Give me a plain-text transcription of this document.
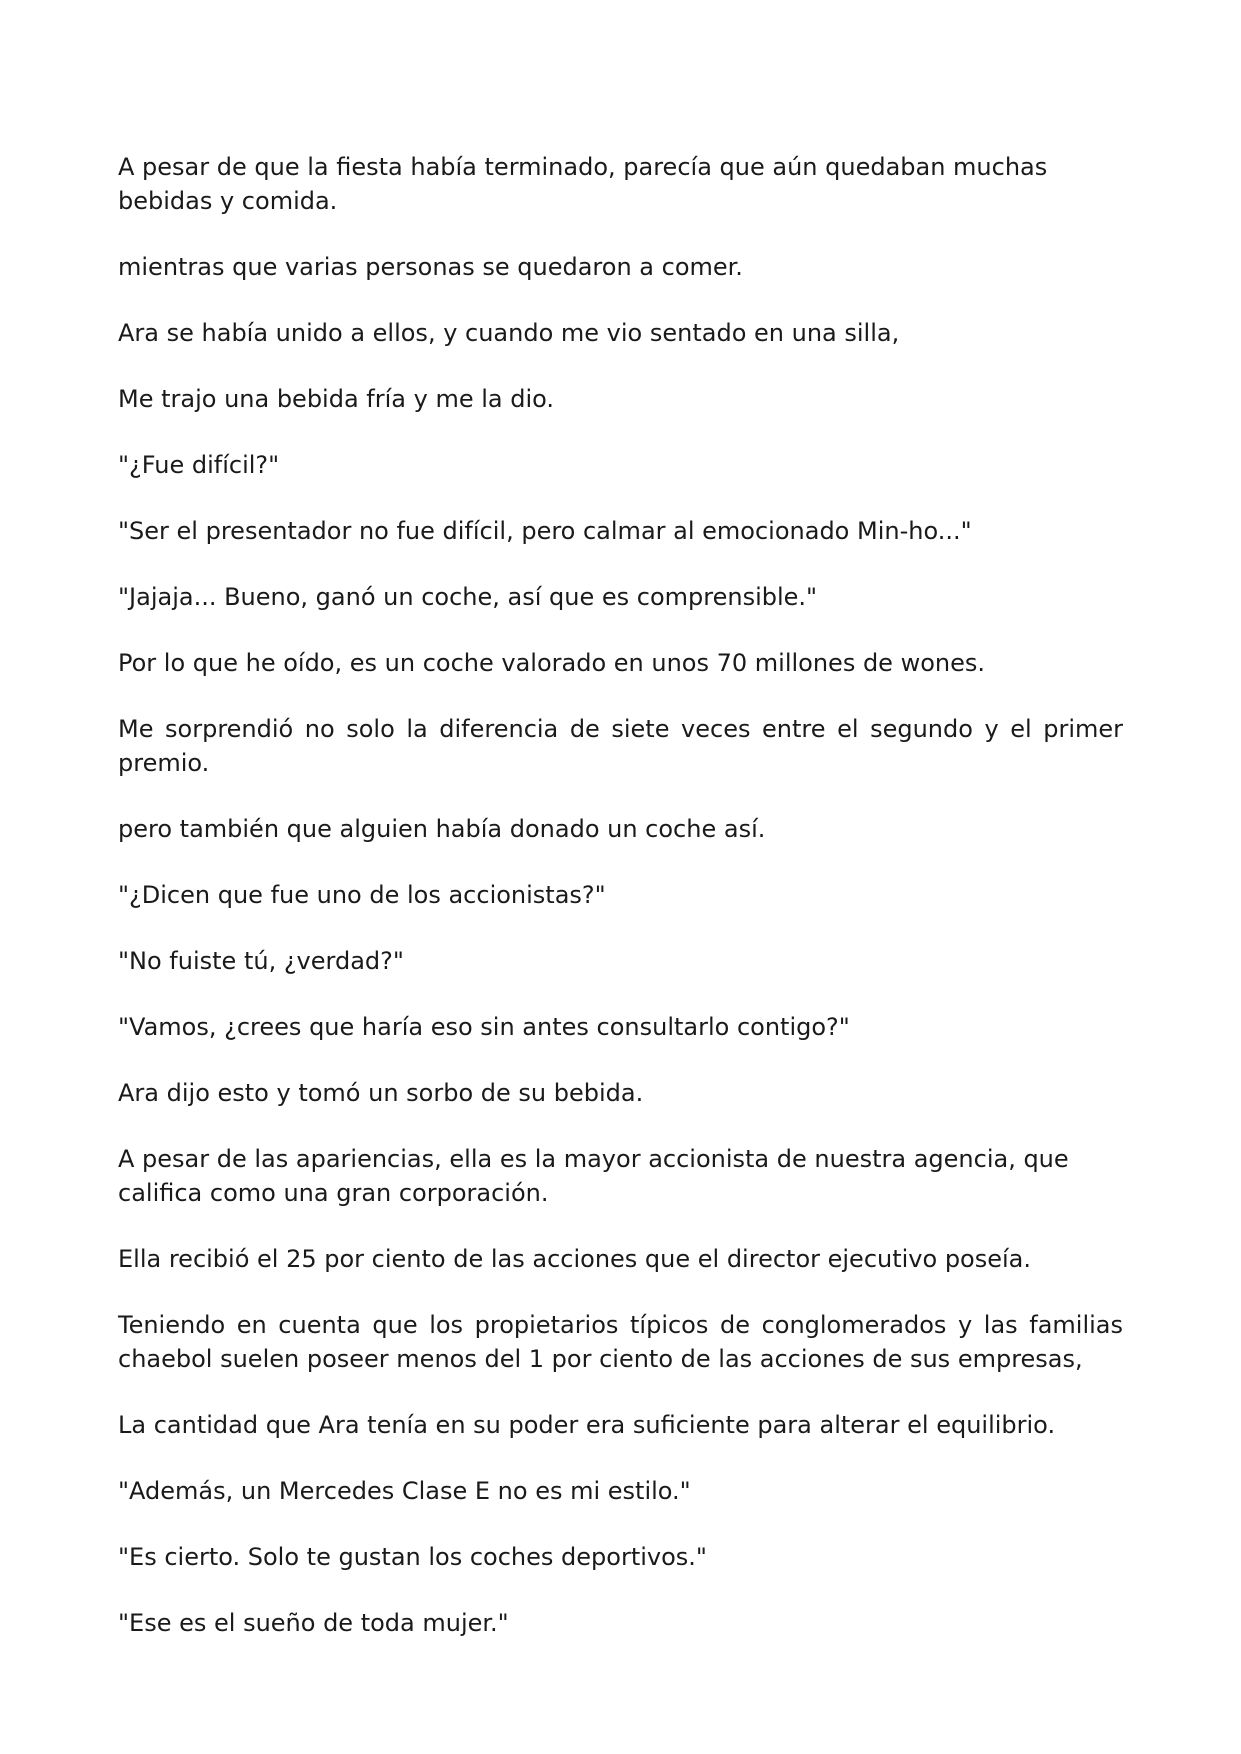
A pesar de que la fiesta había terminado, parecía que aún quedaban muchas bebidas y comida.

mientras que varias personas se quedaron a comer.

Ara se había unido a ellos, y cuando me vio sentado en una silla,

Me trajo una bebida fría y me la dio.

"¿Fue difícil?"

"Ser el presentador no fue difícil, pero calmar al emocionado Min-ho..."

"Jajaja... Bueno, ganó un coche, así que es comprensible."

Por lo que he oído, es un coche valorado en unos 70 millones de wones.

Me sorprendió no solo la diferencia de siete veces entre el segundo y el primer premio.

pero también que alguien había donado un coche así.

"¿Dicen que fue uno de los accionistas?"

"No fuiste tú, ¿verdad?"

"Vamos, ¿crees que haría eso sin antes consultarlo contigo?"

Ara dijo esto y tomó un sorbo de su bebida.

A pesar de las apariencias, ella es la mayor accionista de nuestra agencia, que califica como una gran corporación.

Ella recibió el 25 por ciento de las acciones que el director ejecutivo poseía.

Teniendo en cuenta que los propietarios típicos de conglomerados y las familias chaebol suelen poseer menos del 1 por ciento de las acciones de sus empresas,

La cantidad que Ara tenía en su poder era suficiente para alterar el equilibrio.

"Además, un Mercedes Clase E no es mi estilo."

"Es cierto. Solo te gustan los coches deportivos."

"Ese es el sueño de toda mujer."
